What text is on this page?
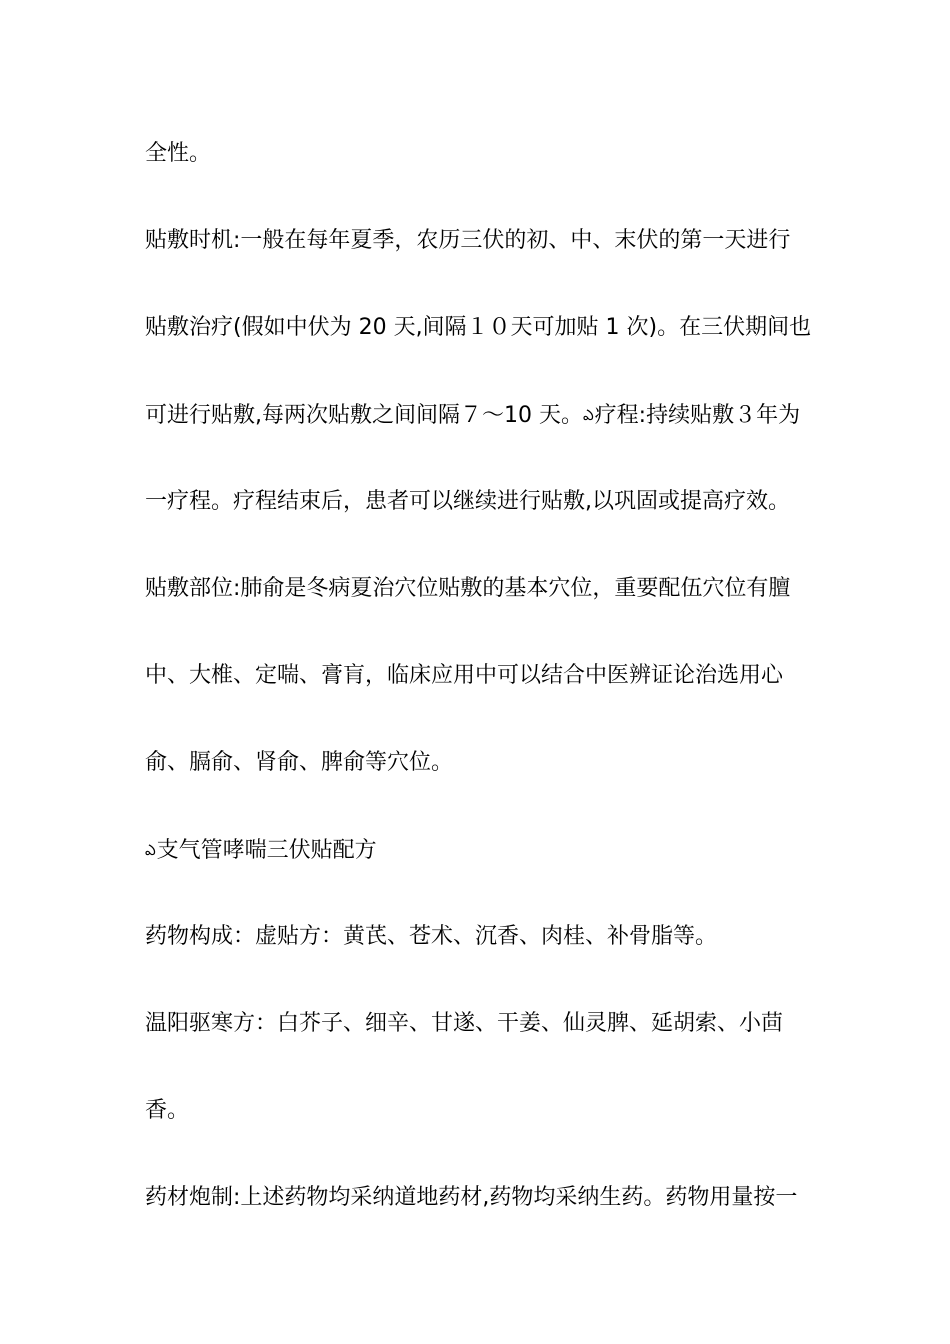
全性。
贴敷时机:一般在每年夏季，农历三伏的初、中、末伏的第一天进行
贴敷治疗(假如中伏为 20 天,间隔１０天可加贴 1 次)。在三伏期间也
可进行贴敷,每两次贴敷之间间隔７～10 天。ఎ疗程:持续贴敷３年为
一疗程。疗程结束后，患者可以继续进行贴敷,以巩固或提高疗效。
贴敷部位:肺俞是冬病夏治穴位贴敷的基本穴位，重要配伍穴位有膻
中、大椎、定喘、膏肓，临床应用中可以结合中医辨证论治选用心
俞、膈俞、肾俞、脾俞等穴位。
ఎ支气管哮喘三伏贴配方
药物构成：虚贴方：黄芪、苍术、沉香、肉桂、补骨脂等。
温阳驱寒方：白芥子、细辛、甘遂、干姜、仙灵脾、延胡索、小茴
香。
药材炮制:上述药物均采纳道地药材,药物均采纳生药。药物用量按一
